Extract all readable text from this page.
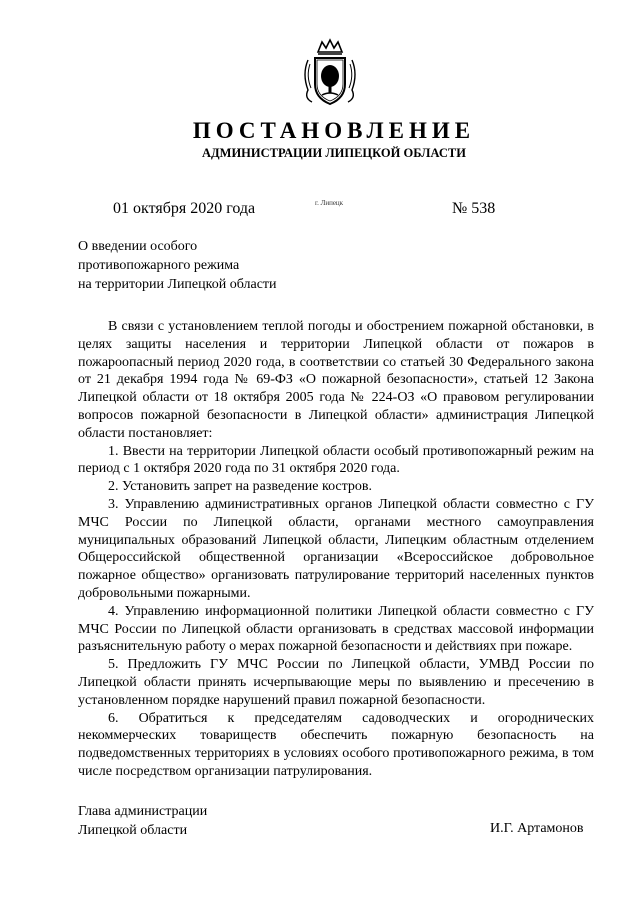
ПОСТАНОВЛЕНИЕ
АДМИНИСТРАЦИИ ЛИПЕЦКОЙ ОБЛАСТИ
01 октября 2020 года	г. Липецк	№ 538
О введении особого
противопожарного режима
на территории Липецкой области

В связи с установлением теплой погоды и обострением пожарной обстановки, в целях защиты населения и территории Липецкой области от пожаров в пожароопасный период 2020 года, в соответствии со статьей 30 Федерального закона от 21 декабря 1994 года № 69-ФЗ «О пожарной безопасности», статьей 12 Закона Липецкой области от 18 октября 2005 года № 224-ОЗ «О правовом регулировании вопросов пожарной безопасности в Липецкой области» администрация Липецкой области постановляет:

1. Ввести на территории Липецкой области особый противопожарный режим на период с 1 октября 2020 года по 31 октября 2020 года.

2. Установить запрет на разведение костров.

3. Управлению административных органов Липецкой области совместно с ГУ МЧС России по Липецкой области, органами местного самоуправления муниципальных образований Липецкой области, Липецким областным отделением Общероссийской общественной организации «Всероссийское добровольное пожарное общество» организовать патрулирование территорий населенных пунктов добровольными пожарными.

4. Управлению информационной политики Липецкой области совместно с ГУ МЧС России по Липецкой области организовать в средствах массовой информации разъяснительную работу о мерах пожарной безопасности и действиях при пожаре.

5. Предложить ГУ МЧС России по Липецкой области, УМВД России по Липецкой области принять исчерпывающие меры по выявлению и пресечению в установленном порядке нарушений правил пожарной безопасности.

6. Обратиться к председателям садоводческих и огороднических некоммерческих товариществ обеспечить пожарную безопасность на подведомственных территориях в условиях особого противопожарного режима, в том числе посредством организации патрулирования.

Глава администрации
Липецкой области	И.Г. Артамонов
